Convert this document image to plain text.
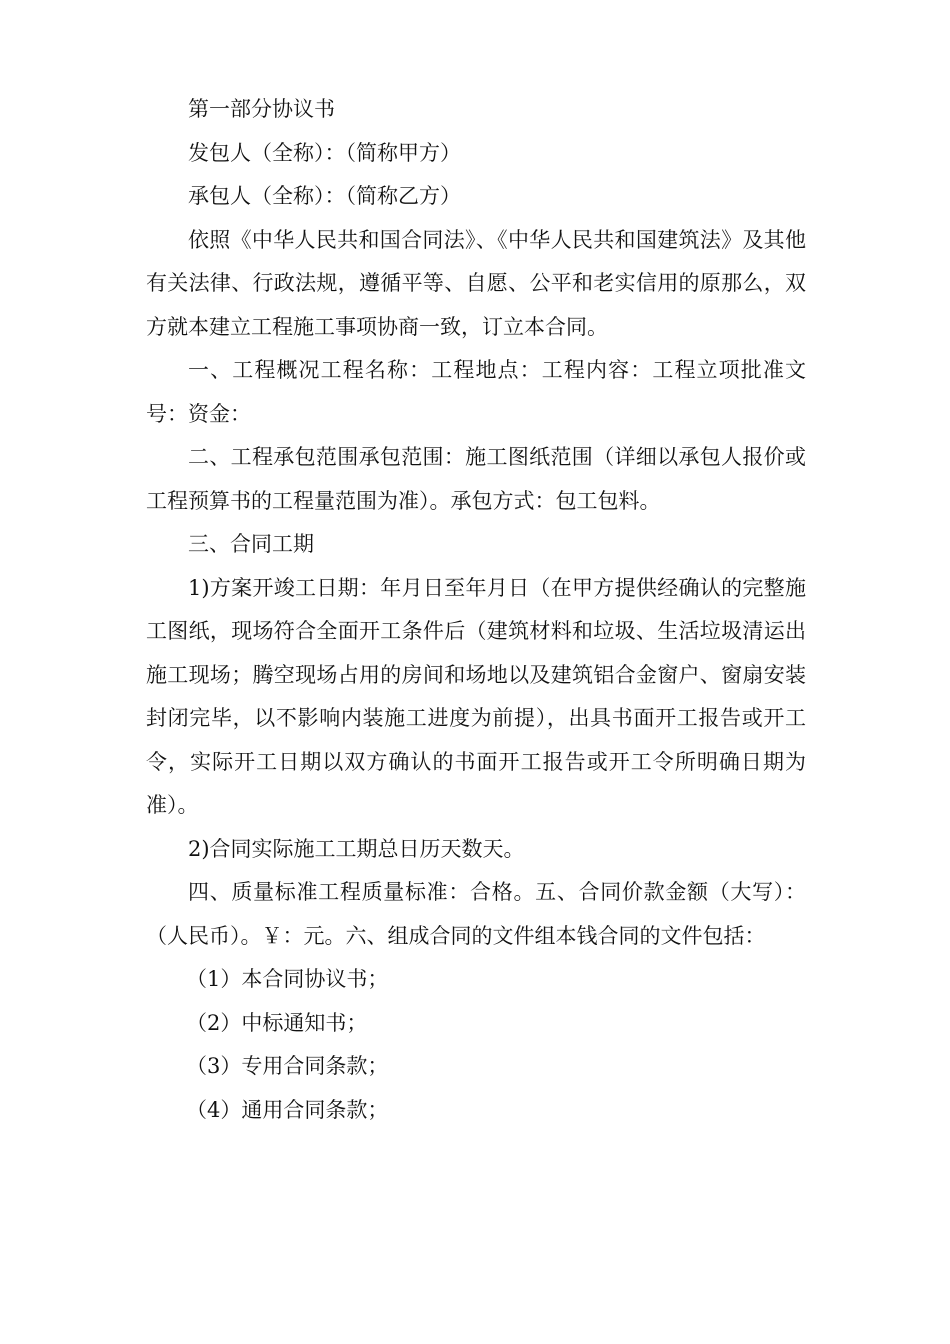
第一部分协议书

发包人（全称）：（简称甲方）

承包人（全称）：（简称乙方）

依照《中华人民共和国合同法》、《中华人民共和国建筑法》及其他有关法律、行政法规，遵循平等、自愿、公平和老实信用的原那么，双方就本建立工程施工事项协商一致，订立本合同。

一、工程概况工程名称：工程地点：工程内容：工程立项批准文号：资金：

二、工程承包范围承包范围：施工图纸范围（详细以承包人报价或工程预算书的工程量范围为准）。承包方式：包工包料。

三、合同工期

1)方案开竣工日期：年月日至年月日（在甲方提供经确认的完整施工图纸，现场符合全面开工条件后（建筑材料和垃圾、生活垃圾清运出施工现场；腾空现场占用的房间和场地以及建筑铝合金窗户、窗扇安装封闭完毕，以不影响内装施工进度为前提），出具书面开工报告或开工令，实际开工日期以双方确认的书面开工报告或开工令所明确日期为准）。

2)合同实际施工工期总日历天数天。

四、质量标准工程质量标准：合格。五、合同价款金额（大写）：（人民币）。￥：元。六、组成合同的文件组本钱合同的文件包括：

（1）本合同协议书；

（2）中标通知书；

（3）专用合同条款；

（4）通用合同条款；
